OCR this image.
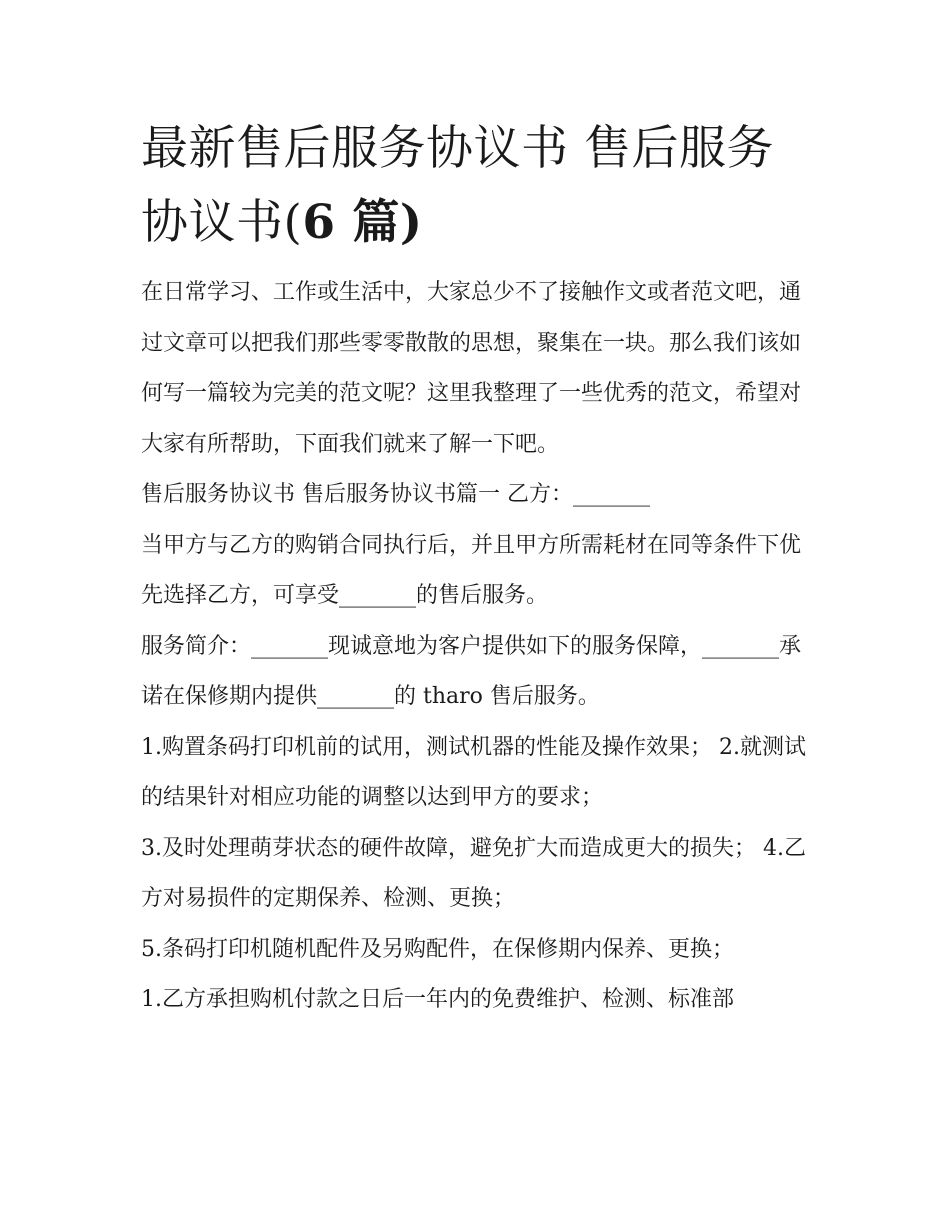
最新售后服务协议书 售后服务协议书(6 篇)

在日常学习、工作或生活中，大家总少不了接触作文或者范文吧，通过文章可以把我们那些零零散散的思想，聚集在一块。那么我们该如何写一篇较为完美的范文呢？这里我整理了一些优秀的范文，希望对大家有所帮助，下面我们就来了解一下吧。

售后服务协议书 售后服务协议书篇一 乙方：_______

当甲方与乙方的购销合同执行后，并且甲方所需耗材在同等条件下优先选择乙方，可享受_______的售后服务。

服务简介：_______现诚意地为客户提供如下的服务保障，_______承诺在保修期内提供_______的 tharo 售后服务。

1.购置条码打印机前的试用，测试机器的性能及操作效果； 2.就测试的结果针对相应功能的调整以达到甲方的要求；

3.及时处理萌芽状态的硬件故障，避免扩大而造成更大的损失； 4.乙方对易损件的定期保养、检测、更换；

5.条码打印机随机配件及另购配件，在保修期内保养、更换；

1.乙方承担购机付款之日后一年内的免费维护、检测、标准部
